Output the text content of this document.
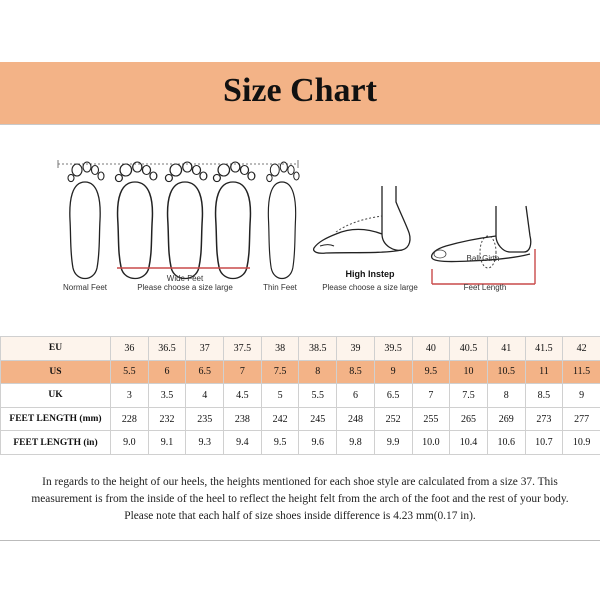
Size Chart
Normal Feet
Wide Feet
Please choose a size large	Thin Feet
High Instep
Please choose a size large
Ball Girth
Feet Length
EU	36	36.5	37	37.5	38	38.5	39	39.5	40	40.5	41	41.5	42
US	5.5	6	6.5	7	7.5	8	8.5	9	9.5	10	10.5	11	11.5
UK	3	3.5	4	4.5	5	5.5	6	6.5	7	7.5	8	8.5	9
FEET LENGTH (mm)	228	232	235	238	242	245	248	252	255	265	269	273	277
FEET LENGTH (in)	9.0	9.1	9.3	9.4	9.5	9.6	9.8	9.9	10.0	10.4	10.6	10.7	10.9
In regards to the height of our heels, the heights mentioned for each shoe style are calculated from a size 37. This
measurement is from the inside of the heel to reflect the height felt from the arch of the foot and the rest of your body.
Please note that each half of size shoes inside difference is 4.23 mm(0.17 in).
